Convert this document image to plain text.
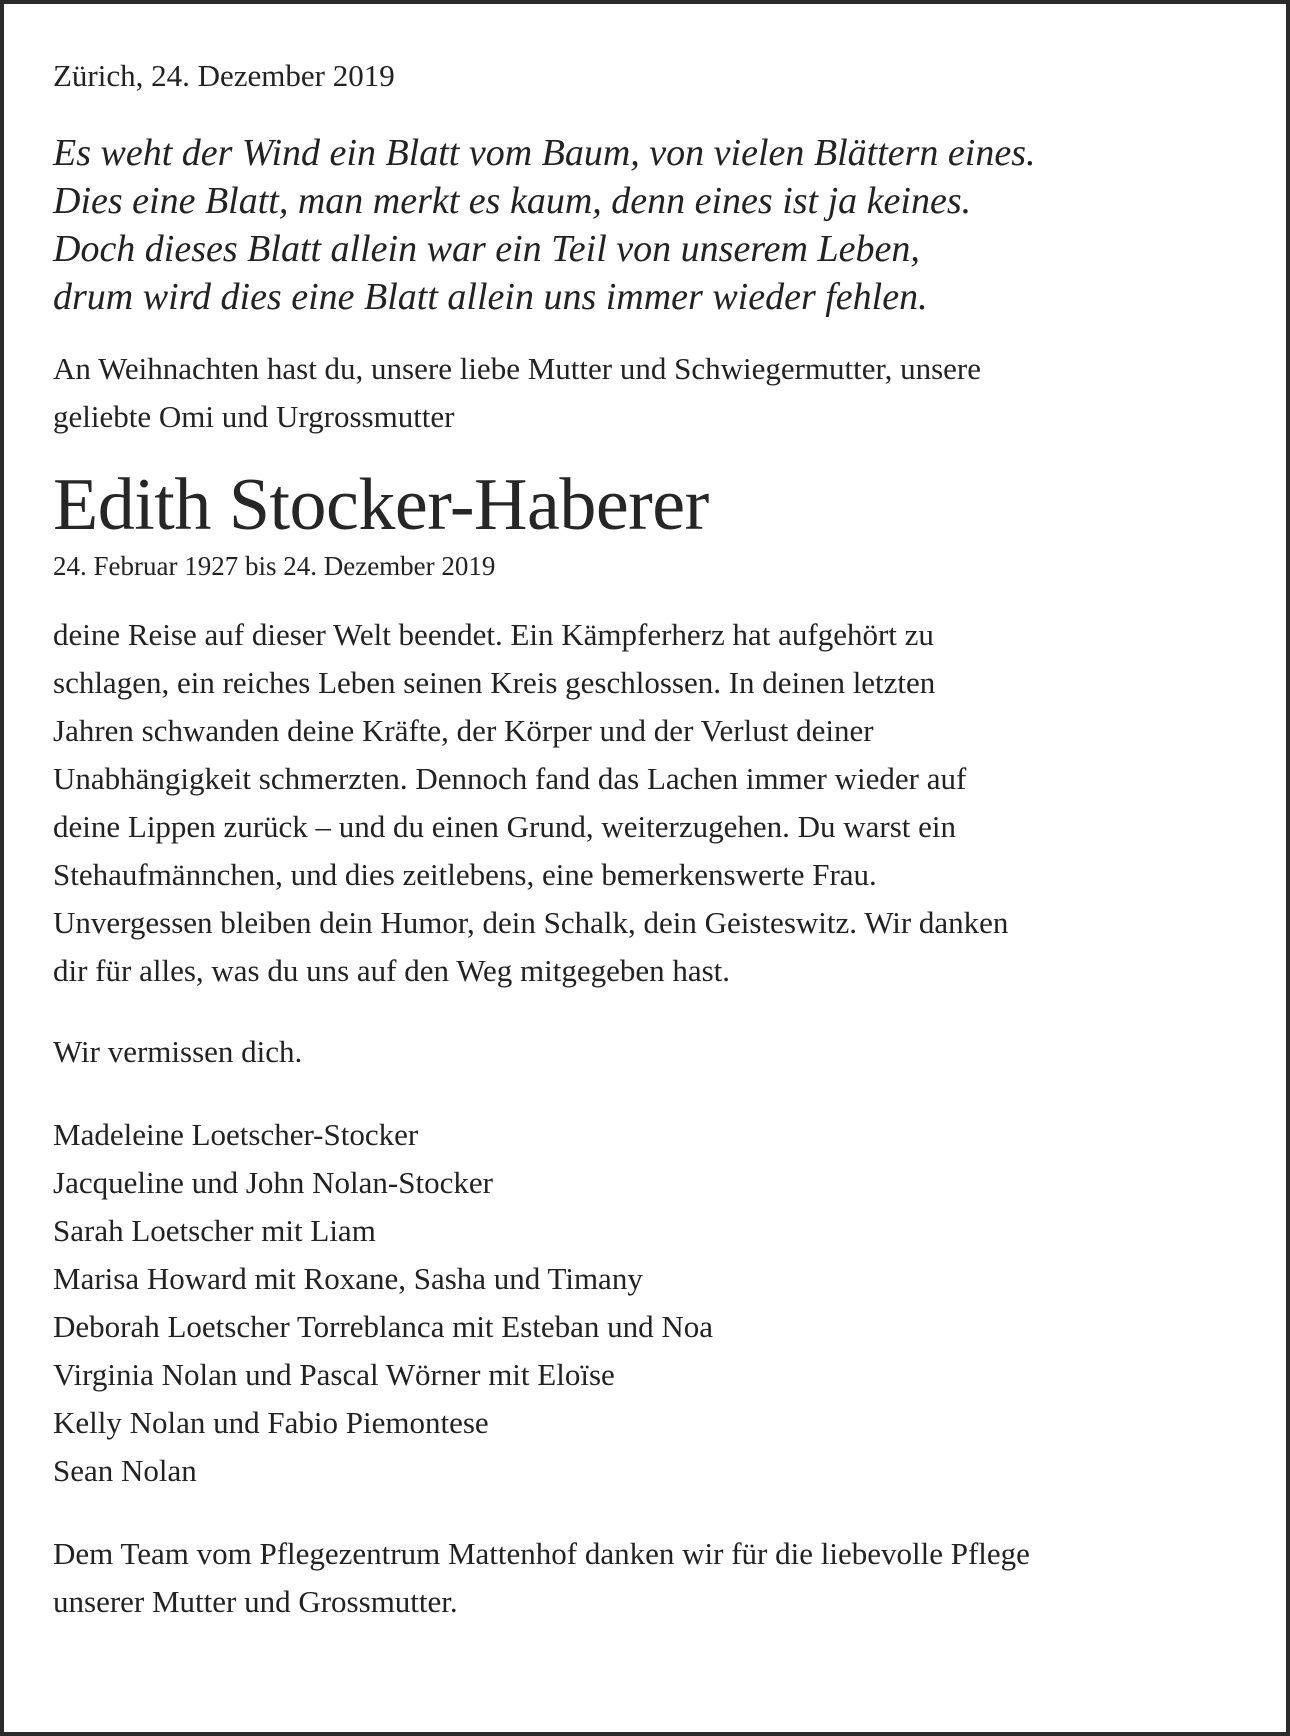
Zürich, 24. Dezember 2019

Es weht der Wind ein Blatt vom Baum, von vielen Blättern eines.
Dies eine Blatt, man merkt es kaum, denn eines ist ja keines.
Doch dieses Blatt allein war ein Teil von unserem Leben,
drum wird dies eine Blatt allein uns immer wieder fehlen.

An Weihnachten hast du, unsere liebe Mutter und Schwiegermutter, unsere
geliebte Omi und Urgrossmutter

Edith Stocker-Haberer

24. Februar 1927 bis 24. Dezember 2019

deine Reise auf dieser Welt beendet. Ein Kämpferherz hat aufgehört zu
schlagen, ein reiches Leben seinen Kreis geschlossen. In deinen letzten
Jahren schwanden deine Kräfte, der Körper und der Verlust deiner
Unabhängigkeit schmerzten. Dennoch fand das Lachen immer wieder auf
deine Lippen zurück – und du einen Grund, weiterzugehen. Du warst ein
Stehaufmännchen, und dies zeitlebens, eine bemerkenswerte Frau.
Unvergessen bleiben dein Humor, dein Schalk, dein Geisteswitz. Wir danken
dir für alles, was du uns auf den Weg mitgegeben hast.

Wir vermissen dich.

Madeleine Loetscher-Stocker
Jacqueline und John Nolan-Stocker
Sarah Loetscher mit Liam
Marisa Howard mit Roxane, Sasha und Timany
Deborah Loetscher Torreblanca mit Esteban und Noa
Virginia Nolan und Pascal Wörner mit Eloïse
Kelly Nolan und Fabio Piemontese
Sean Nolan

Dem Team vom Pflegezentrum Mattenhof danken wir für die liebevolle Pflege
unserer Mutter und Grossmutter.
